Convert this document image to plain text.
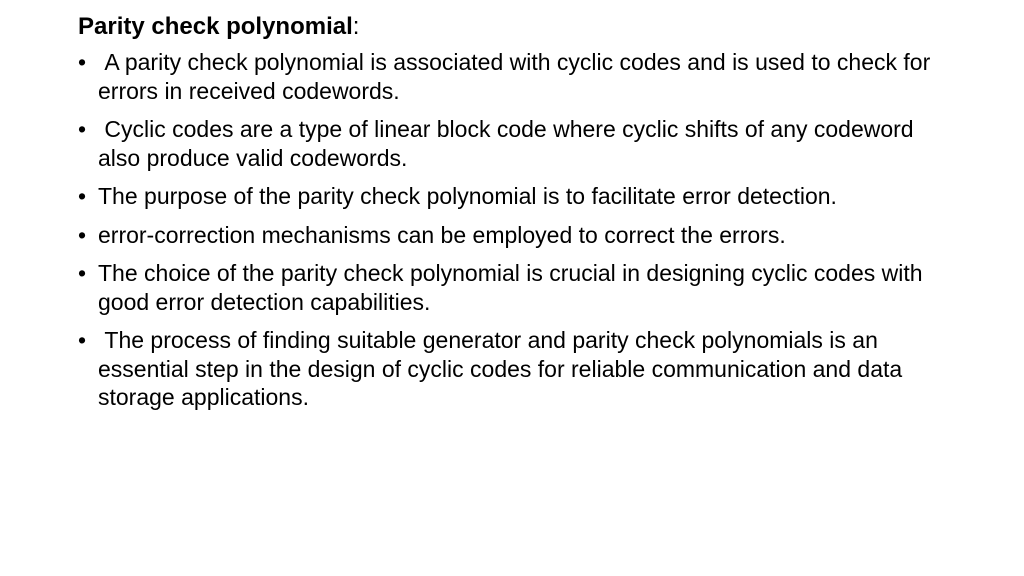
Parity check polynomial:
• A parity check polynomial is associated with cyclic codes and is used to check for errors in received codewords.
• Cyclic codes are a type of linear block code where cyclic shifts of any codeword also produce valid codewords.
• The purpose of the parity check polynomial is to facilitate error detection.
• error-correction mechanisms can be employed to correct the errors.
• The choice of the parity check polynomial is crucial in designing cyclic codes with good error detection capabilities.
• The process of finding suitable generator and parity check polynomials is an essential step in the design of cyclic codes for reliable communication and data storage applications.
